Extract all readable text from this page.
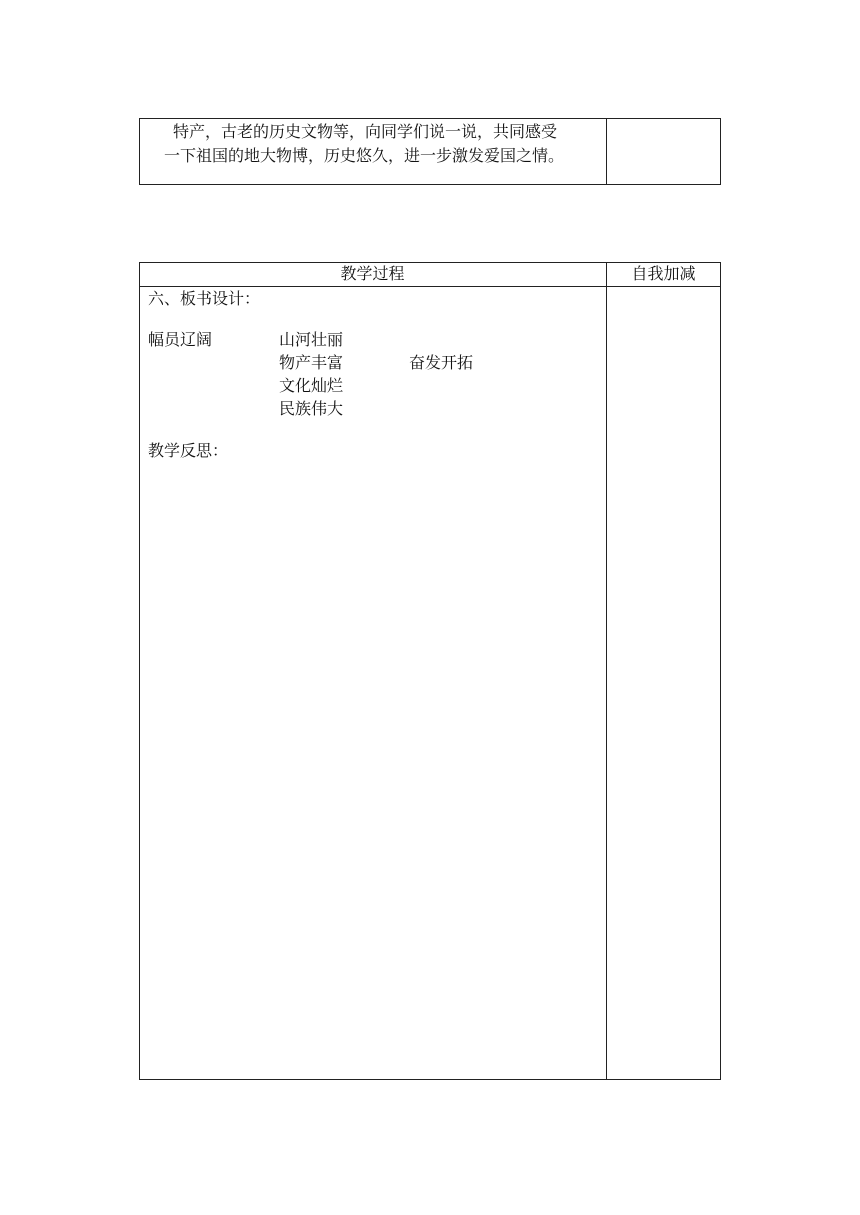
特产，古老的历史文物等，向同学们说一说，共同感受
一下祖国的地大物博，历史悠久，进一步激发爱国之情。
教学过程	自我加减
六、板书设计：
幅员辽阔	山河壮丽
物产丰富	奋发开拓
文化灿烂
民族伟大
教学反思：
